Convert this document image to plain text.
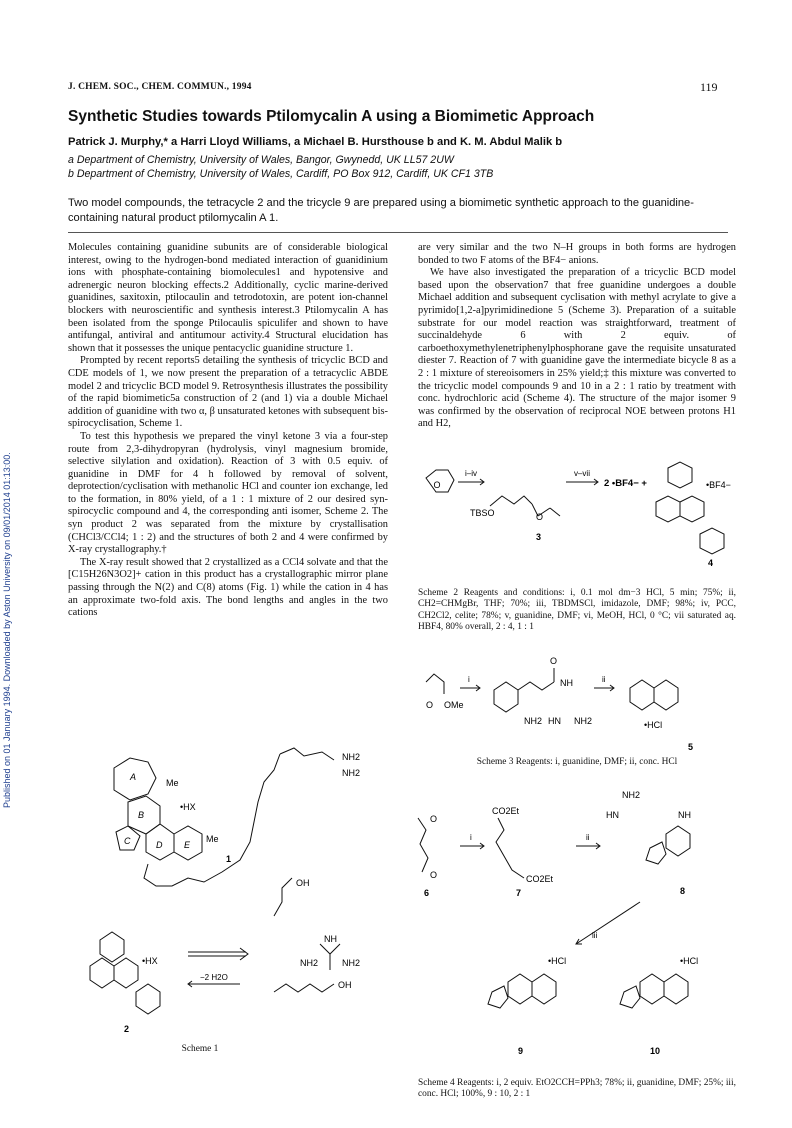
Published on 01 January 1994. Downloaded by Aston University on 09/01/2014 01:13:00.
J. CHEM. SOC., CHEM. COMMUN., 1994	119
Synthetic Studies towards Ptilomycalin A using a Biomimetic Approach
Patrick J. Murphy,* a Harri Lloyd Williams, a Michael B. Hursthouse b and K. M. Abdul Malik b
a Department of Chemistry, University of Wales, Bangor, Gwynedd, UK LL57 2UW
b Department of Chemistry, University of Wales, Cardiff, PO Box 912, Cardiff, UK CF1 3TB
Two model compounds, the tetracycle 2 and the tricycle 9 are prepared using a biomimetic synthetic approach to the guanidine-containing natural product ptilomycalin A 1.

Molecules containing guanidine subunits are of considerable biological interest, owing to the hydrogen-bond mediated interaction of guanidinium ions with phosphate-containing biomolecules1 and hypotensive and adrenergic neuron blocking effects.2 Additionally, cyclic marine-derived guanidines, saxitoxin, ptilocaulin and tetrodotoxin, are potent ion-channel blockers with neuroscientific and synthesis interest.3 Ptilomycalin A has been isolated from the sponge Ptilocaulis spiculifer and shown to have antifungal, antiviral and antitumour activity.4 Structural elucidation has shown that it possesses the unique pentacyclic guanidine structure 1.

Prompted by recent reports5 detailing the synthesis of tricyclic BCD and CDE models of 1, we now present the preparation of a tetracyclic ABDE model 2 and tricyclic BCD model 9. Retrosynthesis illustrates the possibility of the rapid biomimetic5a construction of 2 (and 1) via a double Michael addition of guanidine with two α, β unsaturated ketones with subsequent bis-spirocyclisation, Scheme 1.

To test this hypothesis we prepared the vinyl ketone 3 via a four-step route from 2,3-dihydropyran (hydrolysis, vinyl magnesium bromide, selective silylation and oxidation). Reaction of 3 with 0.5 equiv. of guanidine in DMF for 4 h followed by removal of solvent, deprotection/cyclisation with methanolic HCl and counter ion exchange, led to the formation, in 80% yield, of a 1 : 1 mixture of 2 our desired syn-spirocyclic compound and 4, the corresponding anti isomer, Scheme 2. The syn product 2 was separated from the mixture by crystallisation (CHCl3/CCl4; 1 : 2) and the structures of both 2 and 4 were confirmed by X-ray crystallography.†

The X-ray result showed that 2 crystallized as a CCl4 solvate and that the [C15H26N3O2]+ cation in this product has a crystallographic mirror plane passing through the N(2) and C(8) atoms (Fig. 1) while the cation in 4 has an approximate two-fold axis. The bond lengths and angles in the two cations

are very similar and the two N–H groups in both forms are hydrogen bonded to two F atoms of the BF4− anions.

We have also investigated the preparation of a tricyclic BCD model based upon the observation7 that free guanidine undergoes a double Michael addition and subsequent cyclisation with methyl acrylate to give a pyrimido[1,2-a]pyrimidinedione 5 (Scheme 3). Preparation of a suitable substrate for our model reaction was straightforward, treatment of succinaldehyde 6 with 2 equiv. of carboethoxymethylenetriphenylphosphorane gave the requisite unsaturated diester 7. Reaction of 7 with guanidine gave the intermediate bicycle 8 as a 2 : 1 mixture of stereoisomers in 25% yield;‡ this mixture was converted to the tricyclic model compounds 9 and 10 in a 2 : 1 ratio by treatment with conc. hydrochloric acid (Scheme 4). The structure of the major isomer 9 was confirmed by the observation of reciprocal NOE between protons H1 and H2,

O
i–iv
TBSO	O
3
v–vii
2 •BF4− +	•BF4−
4
Scheme 2 Reagents and conditions: i, 0.1 mol dm−3 HCl, 5 min; 75%; ii, CH2=CHMgBr, THF; 70%; iii, TBDMSCl, imidazole, DMF; 98%; iv, PCC, CH2Cl2, celite; 78%; v, guanidine, DMF; vi, MeOH, HCl, 0 °C; vii saturated aq. HBF4, 80% overall, 2 : 4, 1 : 1
O
O OMe
i	NH
NH2 HN NH2
ii
•HCl
5
Scheme 3 Reagents: i, guanidine, DMF; ii, conc. HCl
O
O
6
i
CO2Et
CO2Et
7
ii
NH2
HN	NH
8
iii
•HCl
9
•HCl
10
Scheme 4 Reagents: i, 2 equiv. EtO2CCH=PPh3; 78%; ii, guanidine, DMF; 25%; iii, conc. HCl; 100%, 9 : 10, 2 : 1
A
B
C	D E
Me
Me
•HX
NH2
NH2
1
•HX
2
−2 H2O
OH
OH
NH
NH2	NH2
Scheme 1
